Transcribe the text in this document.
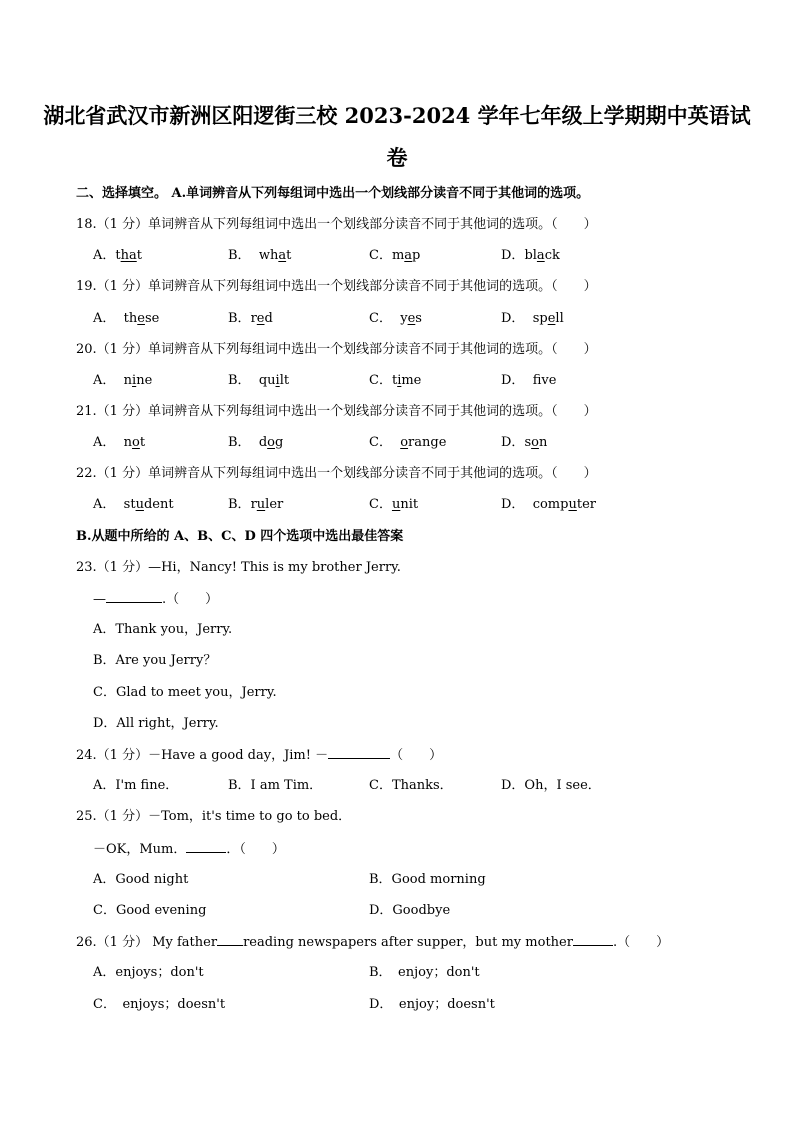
湖北省武汉市新洲区阳逻街三校 2023-2024 学年七年级上学期期中英语试
卷
二、选择填空。 A.单词辨音从下列每组词中选出一个划线部分读音不同于其他词的选项。
18.（1 分）单词辨音从下列每组词中选出一个划线部分读音不同于其他词的选项。（　　）
A．that	B． what	C．map	D．black
19.（1 分）单词辨音从下列每组词中选出一个划线部分读音不同于其他词的选项。（　　）
A． these	B．red	C． yes	D． spell
20.（1 分）单词辨音从下列每组词中选出一个划线部分读音不同于其他词的选项。（　　）
A． nine	B． quilt	C．time	D． fve
21.（1 分）单词辨音从下列每组词中选出一个划线部分读音不同于其他词的选项。（　　）
A． not	B． dog	C． orange	D．son
22.（1 分）单词辨音从下列每组词中选出一个划线部分读音不同于其他词的选项。（　　）
A． student	B．ruler	C．unit	D． computer
B.从题中所给的 A、B、C、D 四个选项中选出最佳答案
23.（1 分）—Hi，Nancy! This is my brother Jerry.
—	.（　　）
A．Thank you，Jerry.
B．Are you Jerry？
C．Glad to meet you，Jerry.
D．All right，Jerry.
24.（1 分）－Have a good day，Jim! －	（　　）
A．I'm fine．	B．I am Tim．	C．Thanks．	D．Oh，I see．
25.（1 分）－Tom，it's time to go to bed．
－OK，Mum．	．（　　）
A．Good night	B．Good morning
C．Good evening	D．Goodbye
26.（1 分） My father reading newspapers after supper，but my mother	.（　　）
A．enjoys；don't	B．　enjoy；don't
C．　enjoys；doesn't	D．　enjoy；doesn't
